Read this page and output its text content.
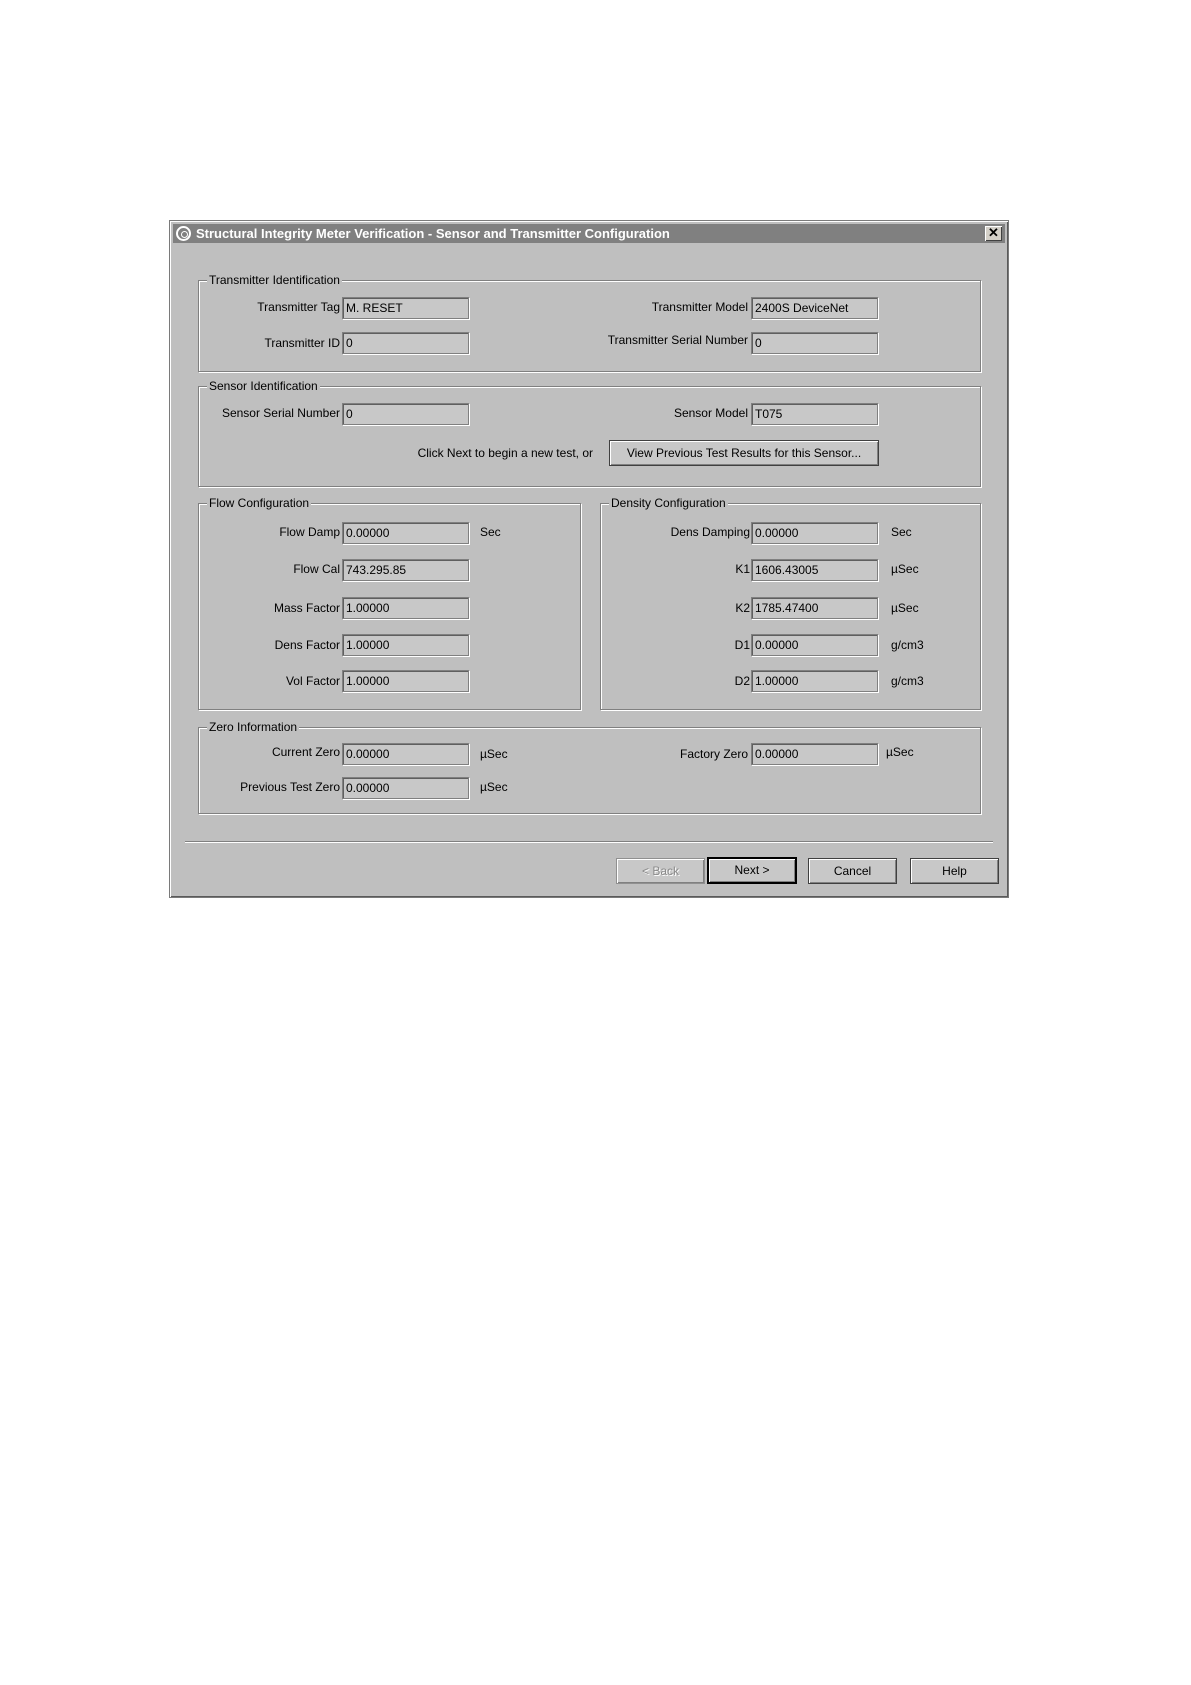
Structural Integrity Meter Verification - Sensor and Transmitter Configuration	✕
Transmitter Identification
Transmitter Tag M. RESET	Transmitter Model 2400S DeviceNet
Transmitter ID 0	Transmitter Serial Number 0
Sensor Identification
Sensor Serial Number 0	Sensor Model T075
Click Next to begin a new test, or	View Previous Test Results for this Sensor...
Flow Configuration
Flow Damp 0.00000	Sec
Flow Cal 743.295.85
Mass Factor 1.00000
Dens Factor 1.00000
Vol Factor 1.00000
Density Configuration
Dens Damping 0.00000	Sec
K1 1606.43005	µSec
K2 1785.47400	µSec
D1 0.00000	g/cm3
D2 1.00000	g/cm3
Zero Information
Current Zero 0.00000	µSec	Factory Zero 0.00000	µSec
Previous Test Zero 0.00000	µSec
< Back	Next >	Cancel	Help
